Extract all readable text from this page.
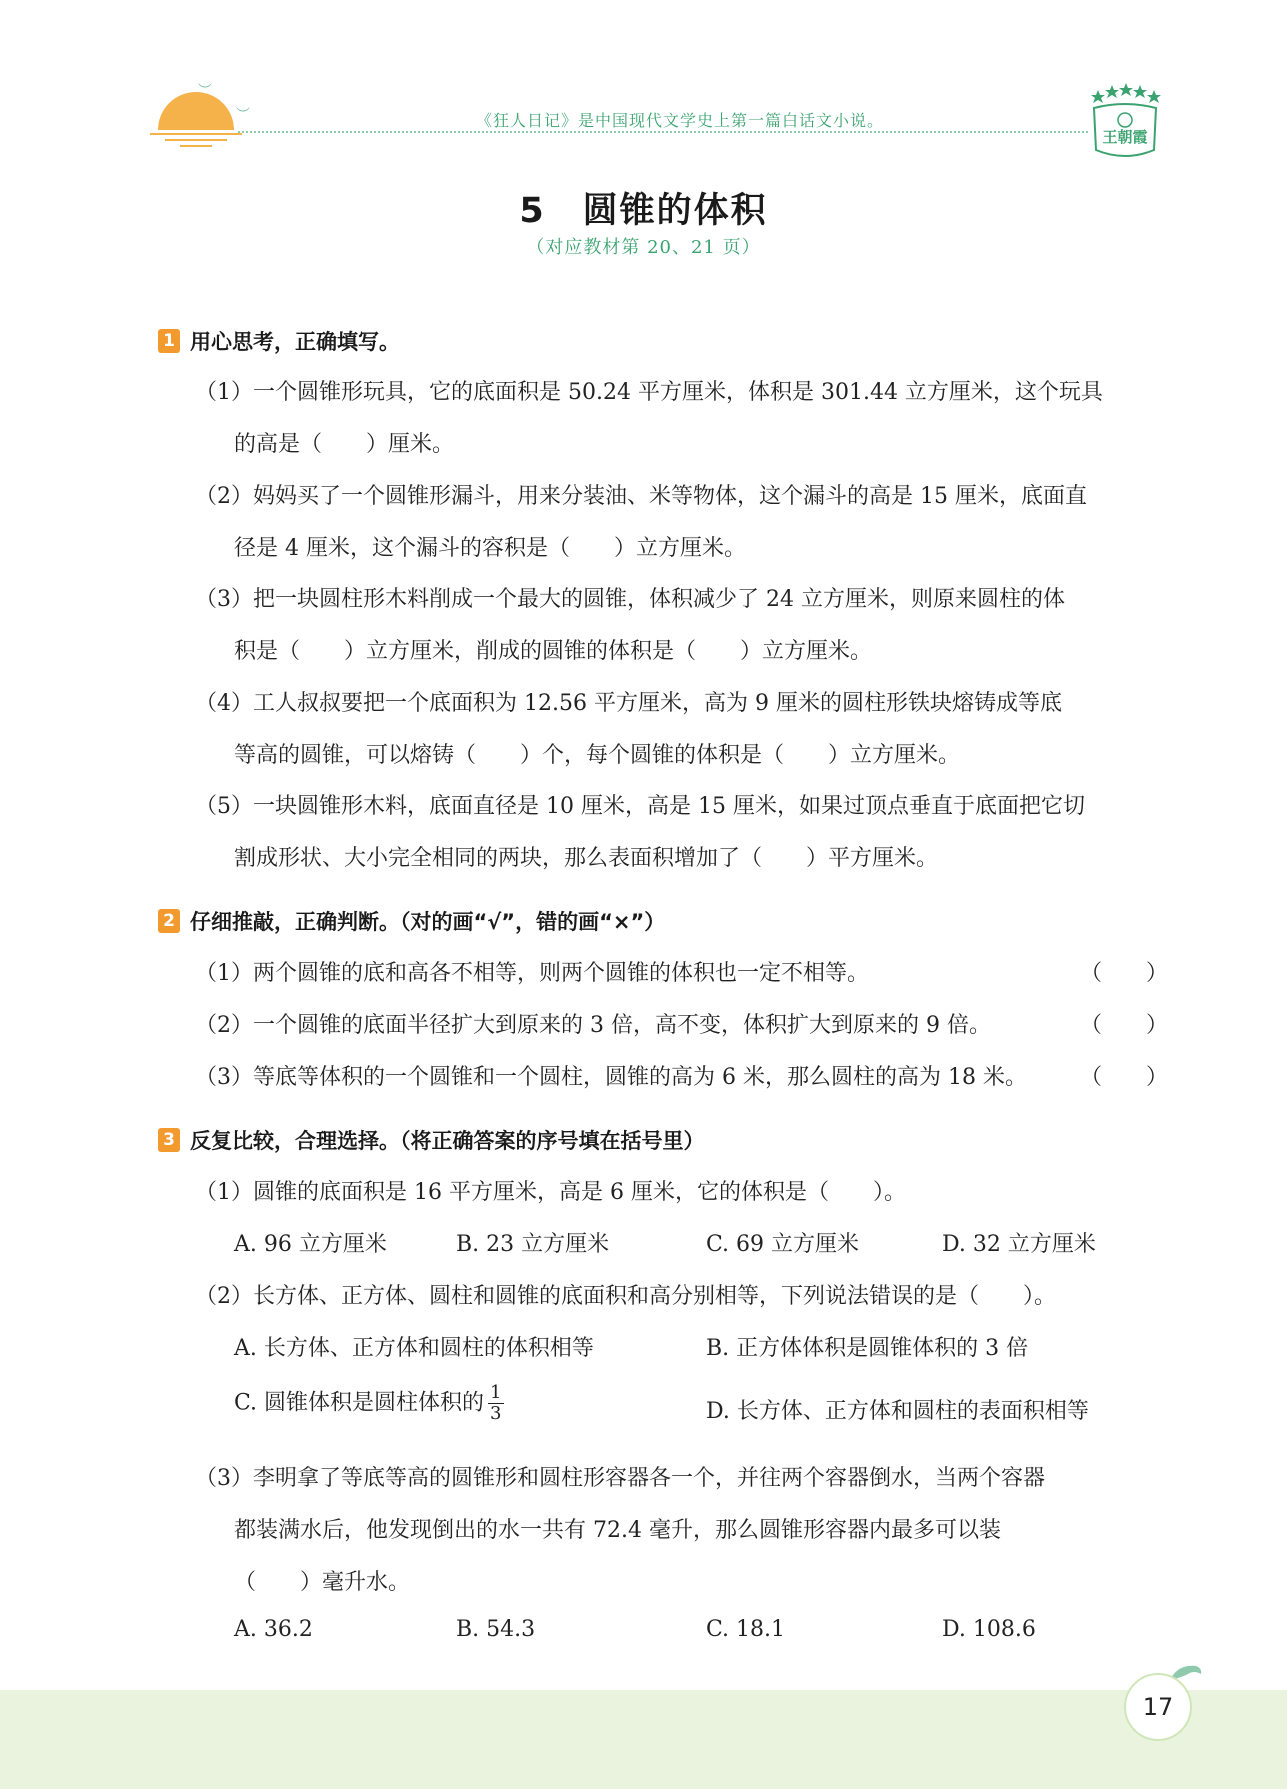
︶
︶	《狂人日记》是中国现代文学史上第一篇白话文小说。
王朝霞
5　圆锥的体积
（对应教材第 20、21 页）
1 用心思考，正确填写。
（1）一个圆锥形玩具，它的底面积是 50.24 平方厘米，体积是 301.44 立方厘米，这个玩具
的高是（　　）厘米。
（2）妈妈买了一个圆锥形漏斗，用来分装油、米等物体，这个漏斗的高是 15 厘米，底面直
径是 4 厘米，这个漏斗的容积是（　　）立方厘米。
（3）把一块圆柱形木料削成一个最大的圆锥，体积减少了 24 立方厘米，则原来圆柱的体
积是（　　）立方厘米，削成的圆锥的体积是（　　）立方厘米。
（4）工人叔叔要把一个底面积为 12.56 平方厘米，高为 9 厘米的圆柱形铁块熔铸成等底
等高的圆锥，可以熔铸（　　）个，每个圆锥的体积是（　　）立方厘米。
（5）一块圆锥形木料，底面直径是 10 厘米，高是 15 厘米，如果过顶点垂直于底面把它切
割成形状、大小完全相同的两块，那么表面积增加了（　　）平方厘米。
2 仔细推敲，正确判断。（对的画“√”，错的画“×”）
（1）两个圆锥的底和高各不相等，则两个圆锥的体积也一定不相等。	（　　）
（2）一个圆锥的底面半径扩大到原来的 3 倍，高不变，体积扩大到原来的 9 倍。	（　　）
（3）等底等体积的一个圆锥和一个圆柱，圆锥的高为 6 米，那么圆柱的高为 18 米。 （　　）
3 反复比较，合理选择。（将正确答案的序号填在括号里）
（1）圆锥的底面积是 16 平方厘米，高是 6 厘米，它的体积是（　　）。
A. 96 立方厘米	B. 23 立方厘米	C. 69 立方厘米	D. 32 立方厘米
（2）长方体、正方体、圆柱和圆锥的底面积和高分别相等，下列说法错误的是（　　）。
A. 长方体、正方体和圆柱的体积相等	B. 正方体体积是圆锥体积的 3 倍
C. 圆锥体积是圆柱体积的 $\frac{1}{3}$	D. 长方体、正方体和圆柱的表面积相等
（3）李明拿了等底等高的圆锥形和圆柱形容器各一个，并往两个容器倒水，当两个容器
都装满水后，他发现倒出的水一共有 72.4 毫升，那么圆锥形容器内最多可以装
（　　）毫升水。
A. 36.2	B. 54.3	C. 18.1	D. 108.6
17
